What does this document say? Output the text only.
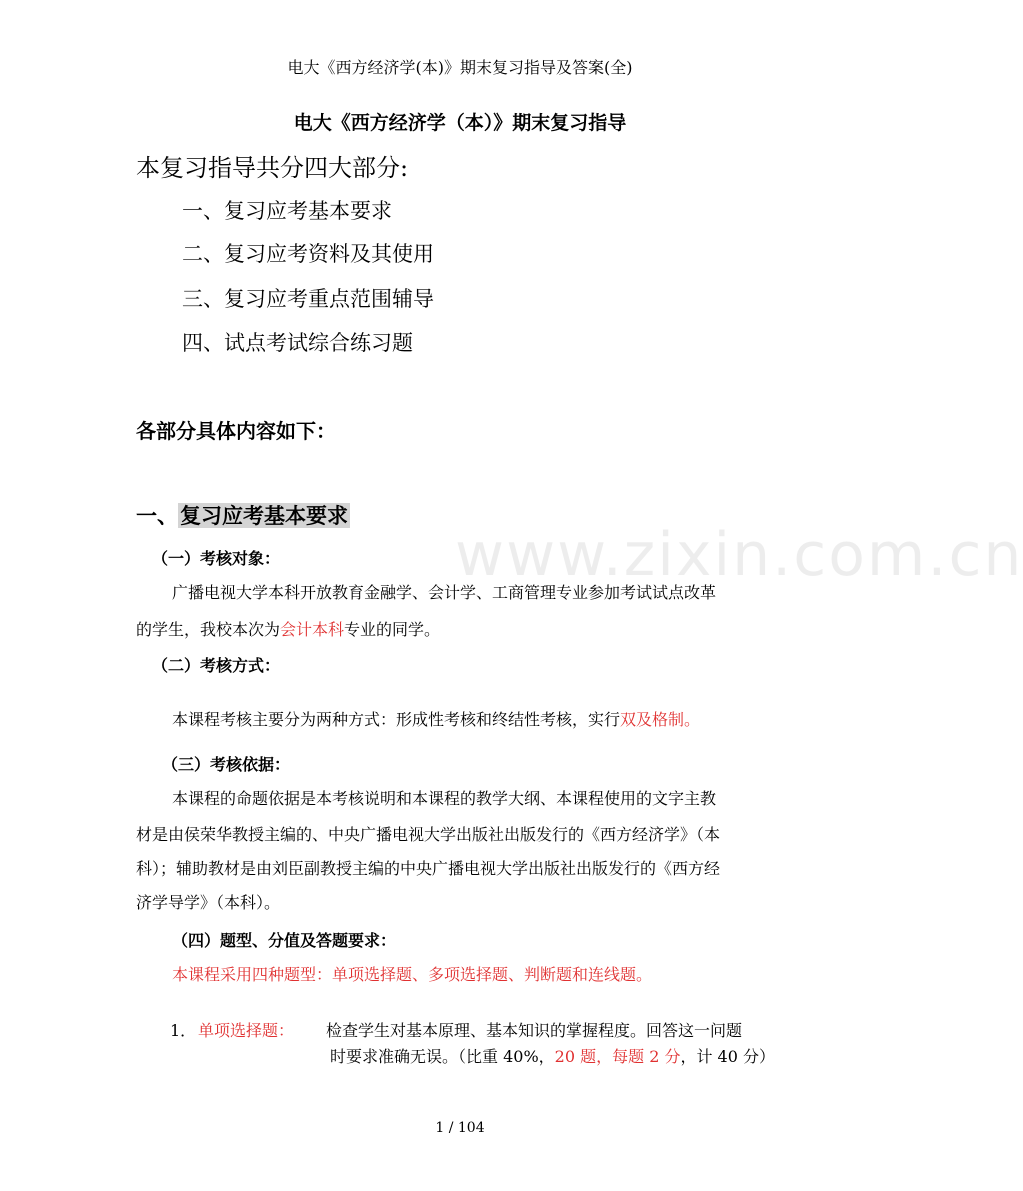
电大《西方经济学(本)》期末复习指导及答案(全)
电大《西方经济学（本）》期末复习指导
本复习指导共分四大部分:
一、复习应考基本要求
二、复习应考资料及其使用
三、复习应考重点范围辅导
四、试点考试综合练习题
各部分具体内容如下：
一、复习应考基本要求
（一）考核对象：
广播电视大学本科开放教育金融学、会计学、工商管理专业参加考试试点改革
的学生，我校本次为会计本科专业的同学。
（二）考核方式：
本课程考核主要分为两种方式：形成性考核和终结性考核，实行双及格制。
（三）考核依据：
本课程的命题依据是本考核说明和本课程的教学大纲、本课程使用的文字主教
材是由侯荣华教授主编的、中央广播电视大学出版社出版发行的《西方经济学》（本
科）；辅助教材是由刘臣副教授主编的中央广播电视大学出版社出版发行的《西方经
济学导学》（本科）。
（四）题型、分值及答题要求：
本课程采用四种题型：单项选择题、多项选择题、判断题和连线题。
1． 单项选择题： 检查学生对基本原理、基本知识的掌握程度。回答这一问题
时要求准确无误。（比重 40%，20 题，每题 2 分，计 40 分）
www.zixin.com.cn
1 / 104
